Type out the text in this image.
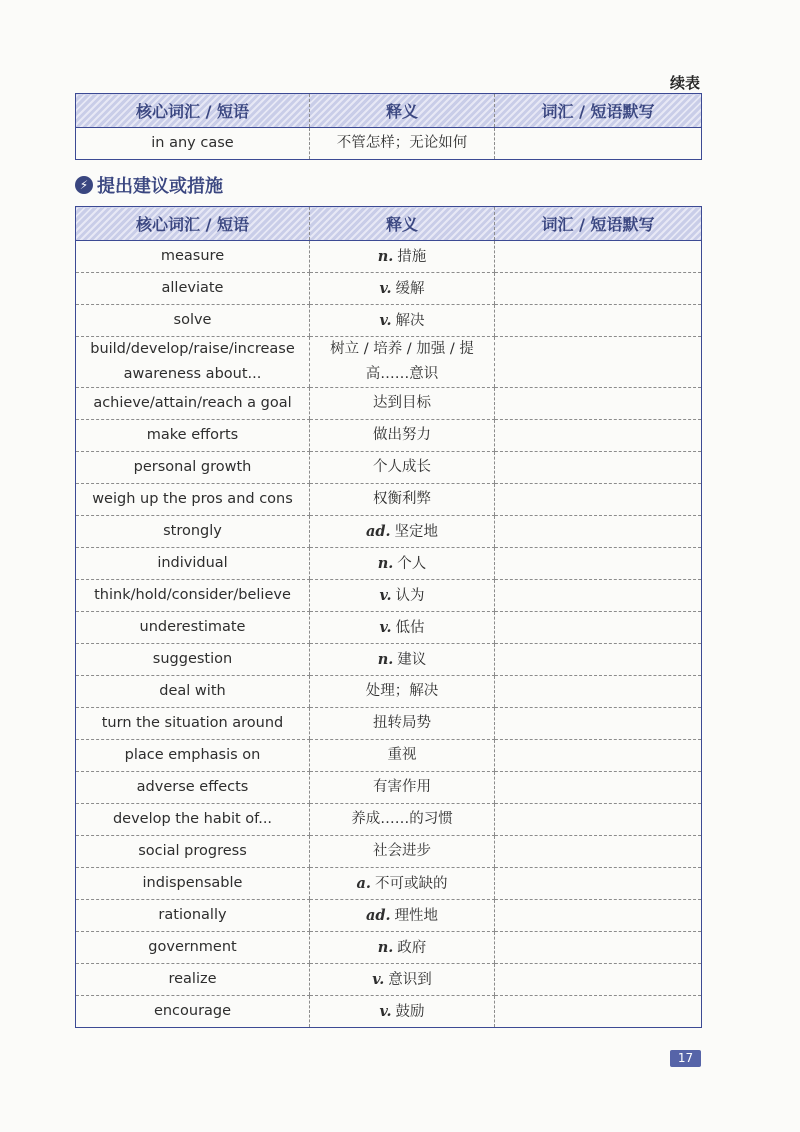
续表
核心词汇 / 短语	释义	词汇 / 短语默写
in any case	不管怎样；无论如何	
⚡ 提出建议或措施
核心词汇 / 短语	释义	词汇 / 短语默写
measure	n. 措施	
alleviate	v. 缓解	
solve	v. 解决	
build/develop/raise/increase awareness about...	树立 / 培养 / 加强 / 提高……意识	
achieve/attain/reach a goal	达到目标	
make efforts	做出努力	
personal growth	个人成长	
weigh up the pros and cons	权衡利弊	
strongly	ad. 坚定地	
individual	n. 个人	
think/hold/consider/believe	v. 认为	
underestimate	v. 低估	
suggestion	n. 建议	
deal with	处理；解决	
turn the situation around	扭转局势	
place emphasis on	重视	
adverse effects	有害作用	
develop the habit of...	养成……的习惯	
social progress	社会进步	
indispensable	a. 不可或缺的	
rationally	ad. 理性地	
government	n. 政府	
realize	v. 意识到	
encourage	v. 鼓励	
17
